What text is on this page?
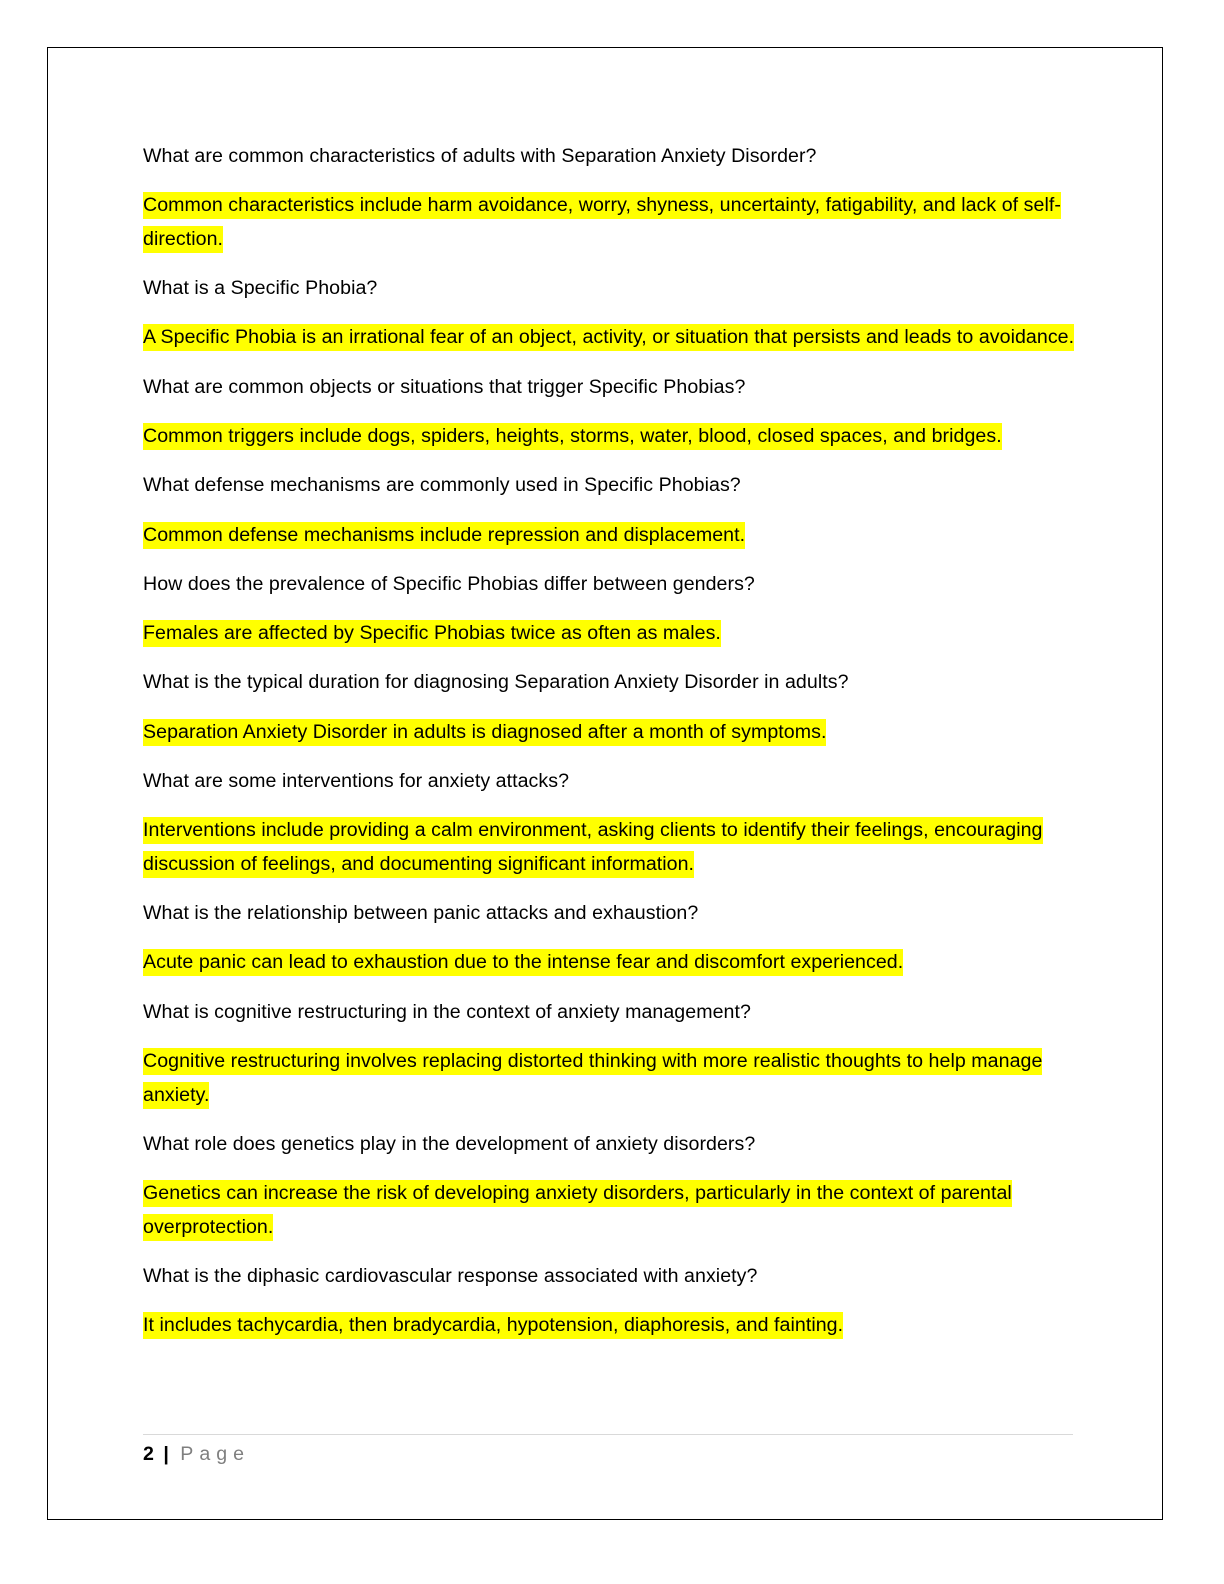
What are common characteristics of adults with Separation Anxiety Disorder?

Common characteristics include harm avoidance, worry, shyness, uncertainty, fatigability, and lack of self-direction.

What is a Specific Phobia?

A Specific Phobia is an irrational fear of an object, activity, or situation that persists and leads to avoidance.

What are common objects or situations that trigger Specific Phobias?

Common triggers include dogs, spiders, heights, storms, water, blood, closed spaces, and bridges.

What defense mechanisms are commonly used in Specific Phobias?

Common defense mechanisms include repression and displacement.

How does the prevalence of Specific Phobias differ between genders?

Females are affected by Specific Phobias twice as often as males.

What is the typical duration for diagnosing Separation Anxiety Disorder in adults?

Separation Anxiety Disorder in adults is diagnosed after a month of symptoms.

What are some interventions for anxiety attacks?

Interventions include providing a calm environment, asking clients to identify their feelings, encouraging discussion of feelings, and documenting significant information.

What is the relationship between panic attacks and exhaustion?

Acute panic can lead to exhaustion due to the intense fear and discomfort experienced.

What is cognitive restructuring in the context of anxiety management?

Cognitive restructuring involves replacing distorted thinking with more realistic thoughts to help manage anxiety.

What role does genetics play in the development of anxiety disorders?

Genetics can increase the risk of developing anxiety disorders, particularly in the context of parental overprotection.

What is the diphasic cardiovascular response associated with anxiety?

It includes tachycardia, then bradycardia, hypotension, diaphoresis, and fainting.

2 | Page
